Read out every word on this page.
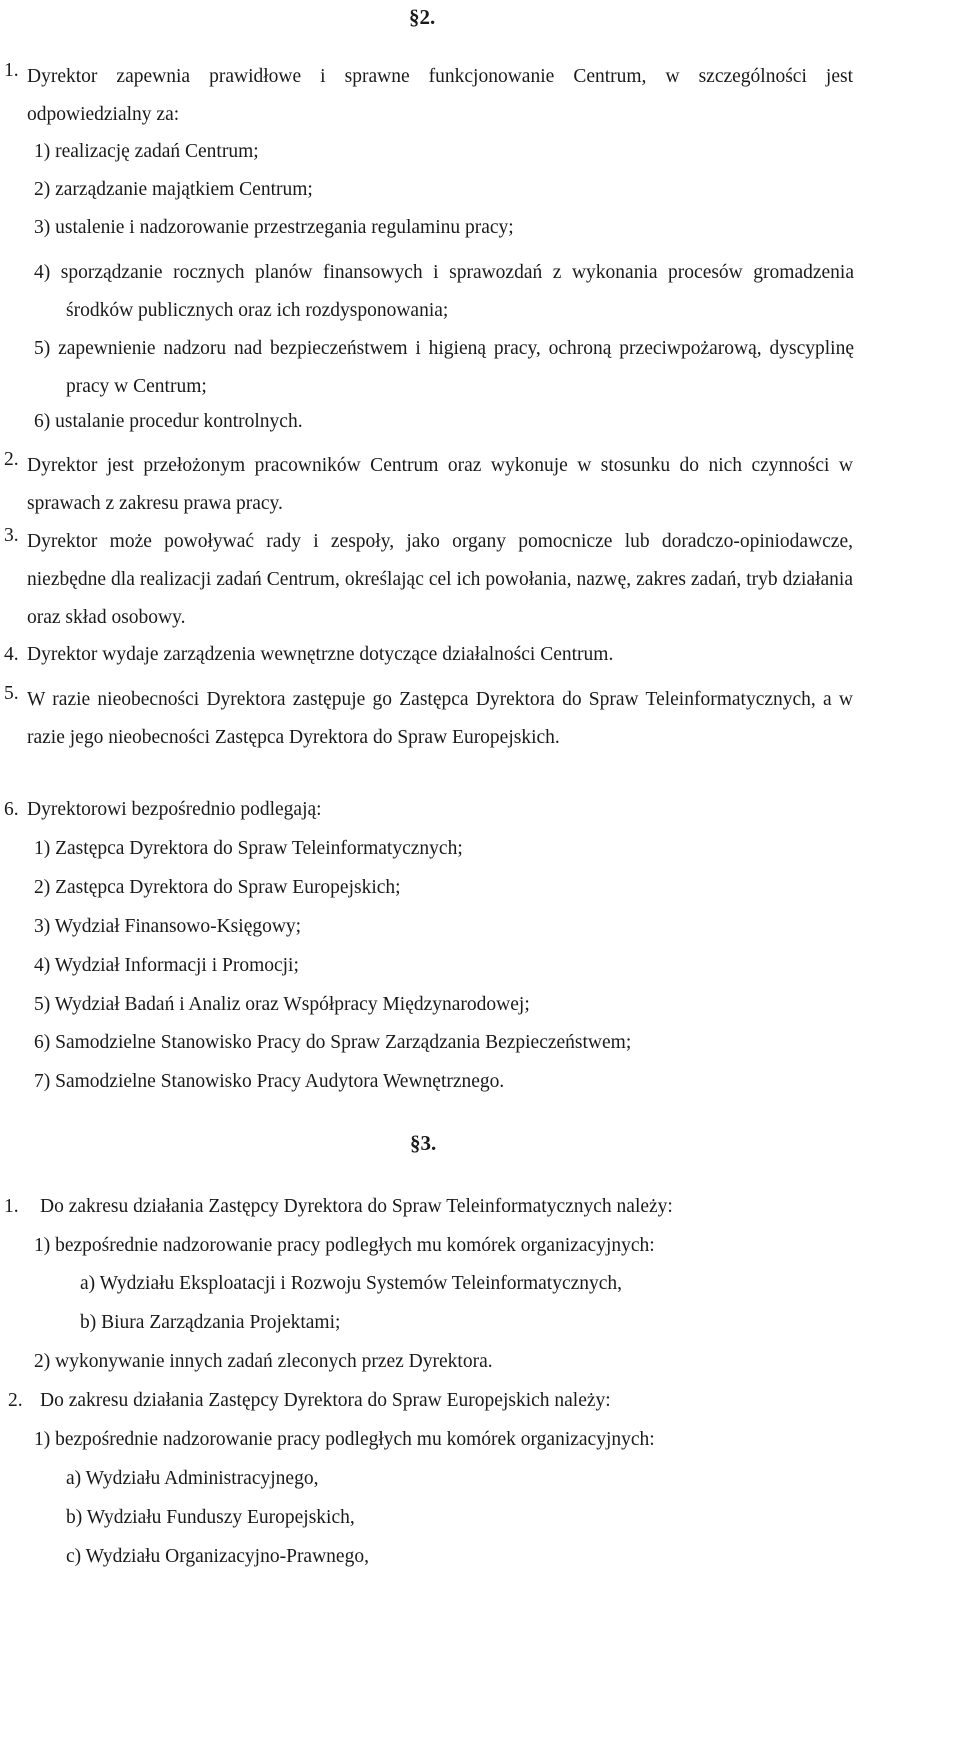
§2.
1. Dyrektor zapewnia prawidłowe i sprawne funkcjonowanie Centrum, w szczególności jest odpowiedzialny za:
1) realizację zadań Centrum;
2) zarządzanie majątkiem Centrum;
3) ustalenie i nadzorowanie przestrzegania regulaminu pracy;
4) sporządzanie rocznych planów finansowych i sprawozdań z wykonania procesów gromadzenia środków publicznych oraz ich rozdysponowania;
5) zapewnienie nadzoru nad bezpieczeństwem i higieną pracy, ochroną przeciwpożarową, dyscyplinę pracy w Centrum;
6) ustalanie procedur kontrolnych.
2. Dyrektor jest przełożonym pracowników Centrum oraz wykonuje w stosunku do nich czynności w sprawach z zakresu prawa pracy.
3. Dyrektor może powoływać rady i zespoły, jako organy pomocnicze lub doradczo-opiniodawcze, niezbędne dla realizacji zadań Centrum, określając cel ich powołania, nazwę, zakres zadań, tryb działania oraz skład osobowy.
4. Dyrektor wydaje zarządzenia wewnętrzne dotyczące działalności Centrum.
5. W razie nieobecności Dyrektora zastępuje go Zastępca Dyrektora do Spraw Teleinformatycznych, a w razie jego nieobecności Zastępca Dyrektora do Spraw Europejskich.
6. Dyrektorowi bezpośrednio podlegają:
1) Zastępca Dyrektora do Spraw Teleinformatycznych;
2) Zastępca Dyrektora do Spraw Europejskich;
3) Wydział Finansowo-Księgowy;
4) Wydział Informacji i Promocji;
5) Wydział Badań i Analiz oraz Współpracy Międzynarodowej;
6) Samodzielne Stanowisko Pracy do Spraw Zarządzania Bezpieczeństwem;
7) Samodzielne Stanowisko Pracy Audytora Wewnętrznego.
§3.
1. Do zakresu działania Zastępcy Dyrektora do Spraw Teleinformatycznych należy:
1) bezpośrednie nadzorowanie pracy podległych mu komórek organizacyjnych:
a) Wydziału Eksploatacji i Rozwoju Systemów Teleinformatycznych,
b) Biura Zarządzania Projektami;
2) wykonywanie innych zadań zleconych przez Dyrektora.
2. Do zakresu działania Zastępcy Dyrektora do Spraw Europejskich należy:
1) bezpośrednie nadzorowanie pracy podległych mu komórek organizacyjnych:
a) Wydziału Administracyjnego,
b) Wydziału Funduszy Europejskich,
c) Wydziału Organizacyjno-Prawnego,
